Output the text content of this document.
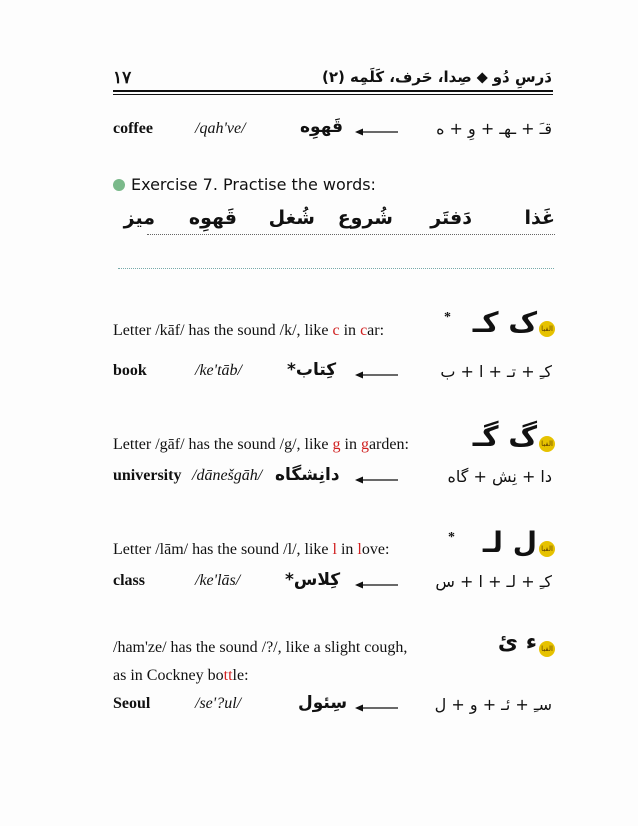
۱۷	دَرسِ دُو ⬥ صِدا، حَرف، کَلَمِه (۲)
coffee	/qah've/	قَهوِه	قـَ + ـهـ + وِ + ه
Exercise 7. Practise the words:
غَذا
دَفتَر
شُروع
شُغل
قَهوِه
میز
Letter /kāf/ has the sound /k/, like c in car:
* ک کـ الفبا
book	/ke'tāb/	کِتاب*	کـِ + تـ + ا + ب
Letter /gāf/ has the sound /g/, like g in garden: گ گـ الفبا
university /dānešgāh/ دانِشگاه	دا + نِش + گاه
Letter /lām/ has the sound /l/, like l in love:
* ل لـ الفبا
class	/ke'lās/	کِلاس*	کـِ + لـ + ا + س
/ham'ze/ has the sound /?/, like a slight cough,
as in Cockney bottle:
ء ئ الفبا
Seoul	/se'?ul/	سِئول	سـِ + ئـ + و + ل
